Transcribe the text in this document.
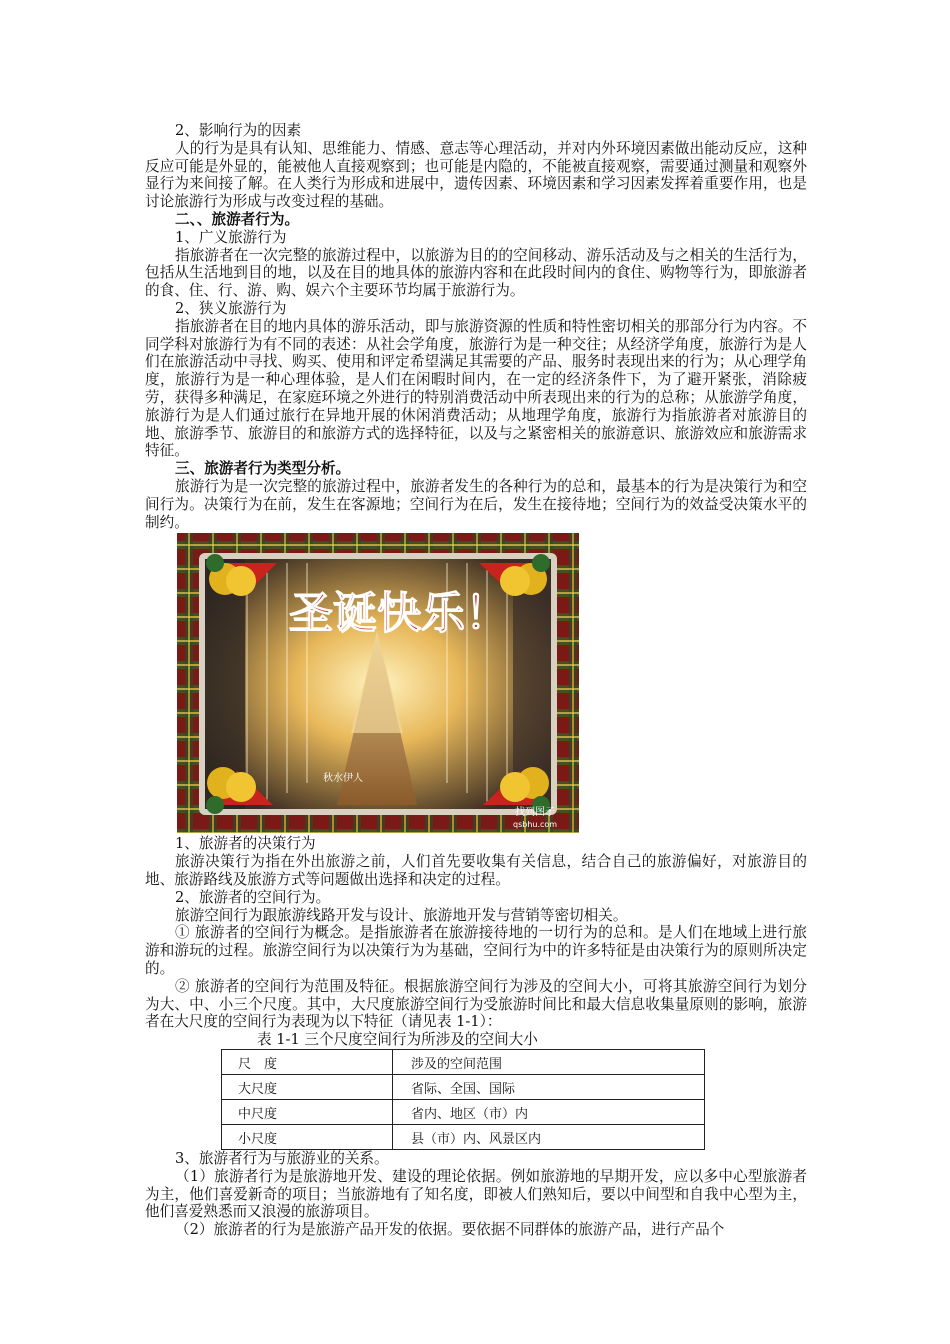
2、影响行为的因素

人的行为是具有认知、思维能力、情感、意志等心理活动，并对内外环境因素做出能动反应，这种反应可能是外显的，能被他人直接观察到；也可能是内隐的，不能被直接观察，需要通过测量和观察外显行为来间接了解。在人类行为形成和进展中，遗传因素、环境因素和学习因素发挥着重要作用，也是讨论旅游行为形成与改变过程的基础。

二、、旅游者行为。

1、广义旅游行为

指旅游者在一次完整的旅游过程中，以旅游为目的的空间移动、游乐活动及与之相关的生活行为，包括从生活地到目的地，以及在目的地具体的旅游内容和在此段时间内的食住、购物等行为，即旅游者的食、住、行、游、购、娱六个主要环节均属于旅游行为。

2、狭义旅游行为

指旅游者在目的地内具体的游乐活动，即与旅游资源的性质和特性密切相关的那部分行为内容。不同学科对旅游行为有不同的表述：从社会学角度，旅游行为是一种交往；从经济学角度，旅游行为是人们在旅游活动中寻找、购买、使用和评定希望满足其需要的产品、服务时表现出来的行为；从心理学角度，旅游行为是一种心理体验，是人们在闲暇时间内，在一定的经济条件下，为了避开紧张，消除疲劳，获得多种满足，在家庭环境之外进行的特别消费活动中所表现出来的行为的总称；从旅游学角度，旅游行为是人们通过旅行在异地开展的休闲消费活动；从地理学角度，旅游行为指旅游者对旅游目的地、旅游季节、旅游目的和旅游方式的选择特征，以及与之紧密相关的旅游意识、旅游效应和旅游需求特征。

三、旅游者行为类型分析。

旅游行为是一次完整的旅游过程中，旅游者发生的各种行为的总和，最基本的行为是决策行为和空间行为。决策行为在前，发生在客源地；空间行为在后，发生在接待地；空间行为的效益受决策水平的制约。

圣诞快乐！
秋水伊人
找到图子
qsbhu.com

1、旅游者的决策行为

旅游决策行为指在外出旅游之前，人们首先要收集有关信息，结合自己的旅游偏好，对旅游目的地、旅游路线及旅游方式等问题做出选择和决定的过程。

2、旅游者的空间行为。

旅游空间行为跟旅游线路开发与设计、旅游地开发与营销等密切相关。

① 旅游者的空间行为概念。是指旅游者在旅游接待地的一切行为的总和。是人们在地域上进行旅游和游玩的过程。旅游空间行为以决策行为为基础，空间行为中的许多特征是由决策行为的原则所决定的。

② 旅游者的空间行为范围及特征。根据旅游空间行为涉及的空间大小，可将其旅游空间行为划分为大、中、小三个尺度。其中，大尺度旅游空间行为受旅游时间比和最大信息收集量原则的影响，旅游者在大尺度的空间行为表现为以下特征（请见表 1-1）：

表 1-1 三个尺度空间行为所涉及的空间大小

尺　度	涉及的空间范围
大尺度	省际、全国、国际
中尺度	省内、地区（市）内
小尺度	县（市）内、风景区内

3、旅游者行为与旅游业的关系。

（1）旅游者行为是旅游地开发、建设的理论依据。例如旅游地的早期开发，应以多中心型旅游者为主，他们喜爱新奇的项目；当旅游地有了知名度，即被人们熟知后，要以中间型和自我中心型为主，他们喜爱熟悉而又浪漫的旅游项目。

（2）旅游者的行为是旅游产品开发的依据。要依据不同群体的旅游产品，进行产品个
